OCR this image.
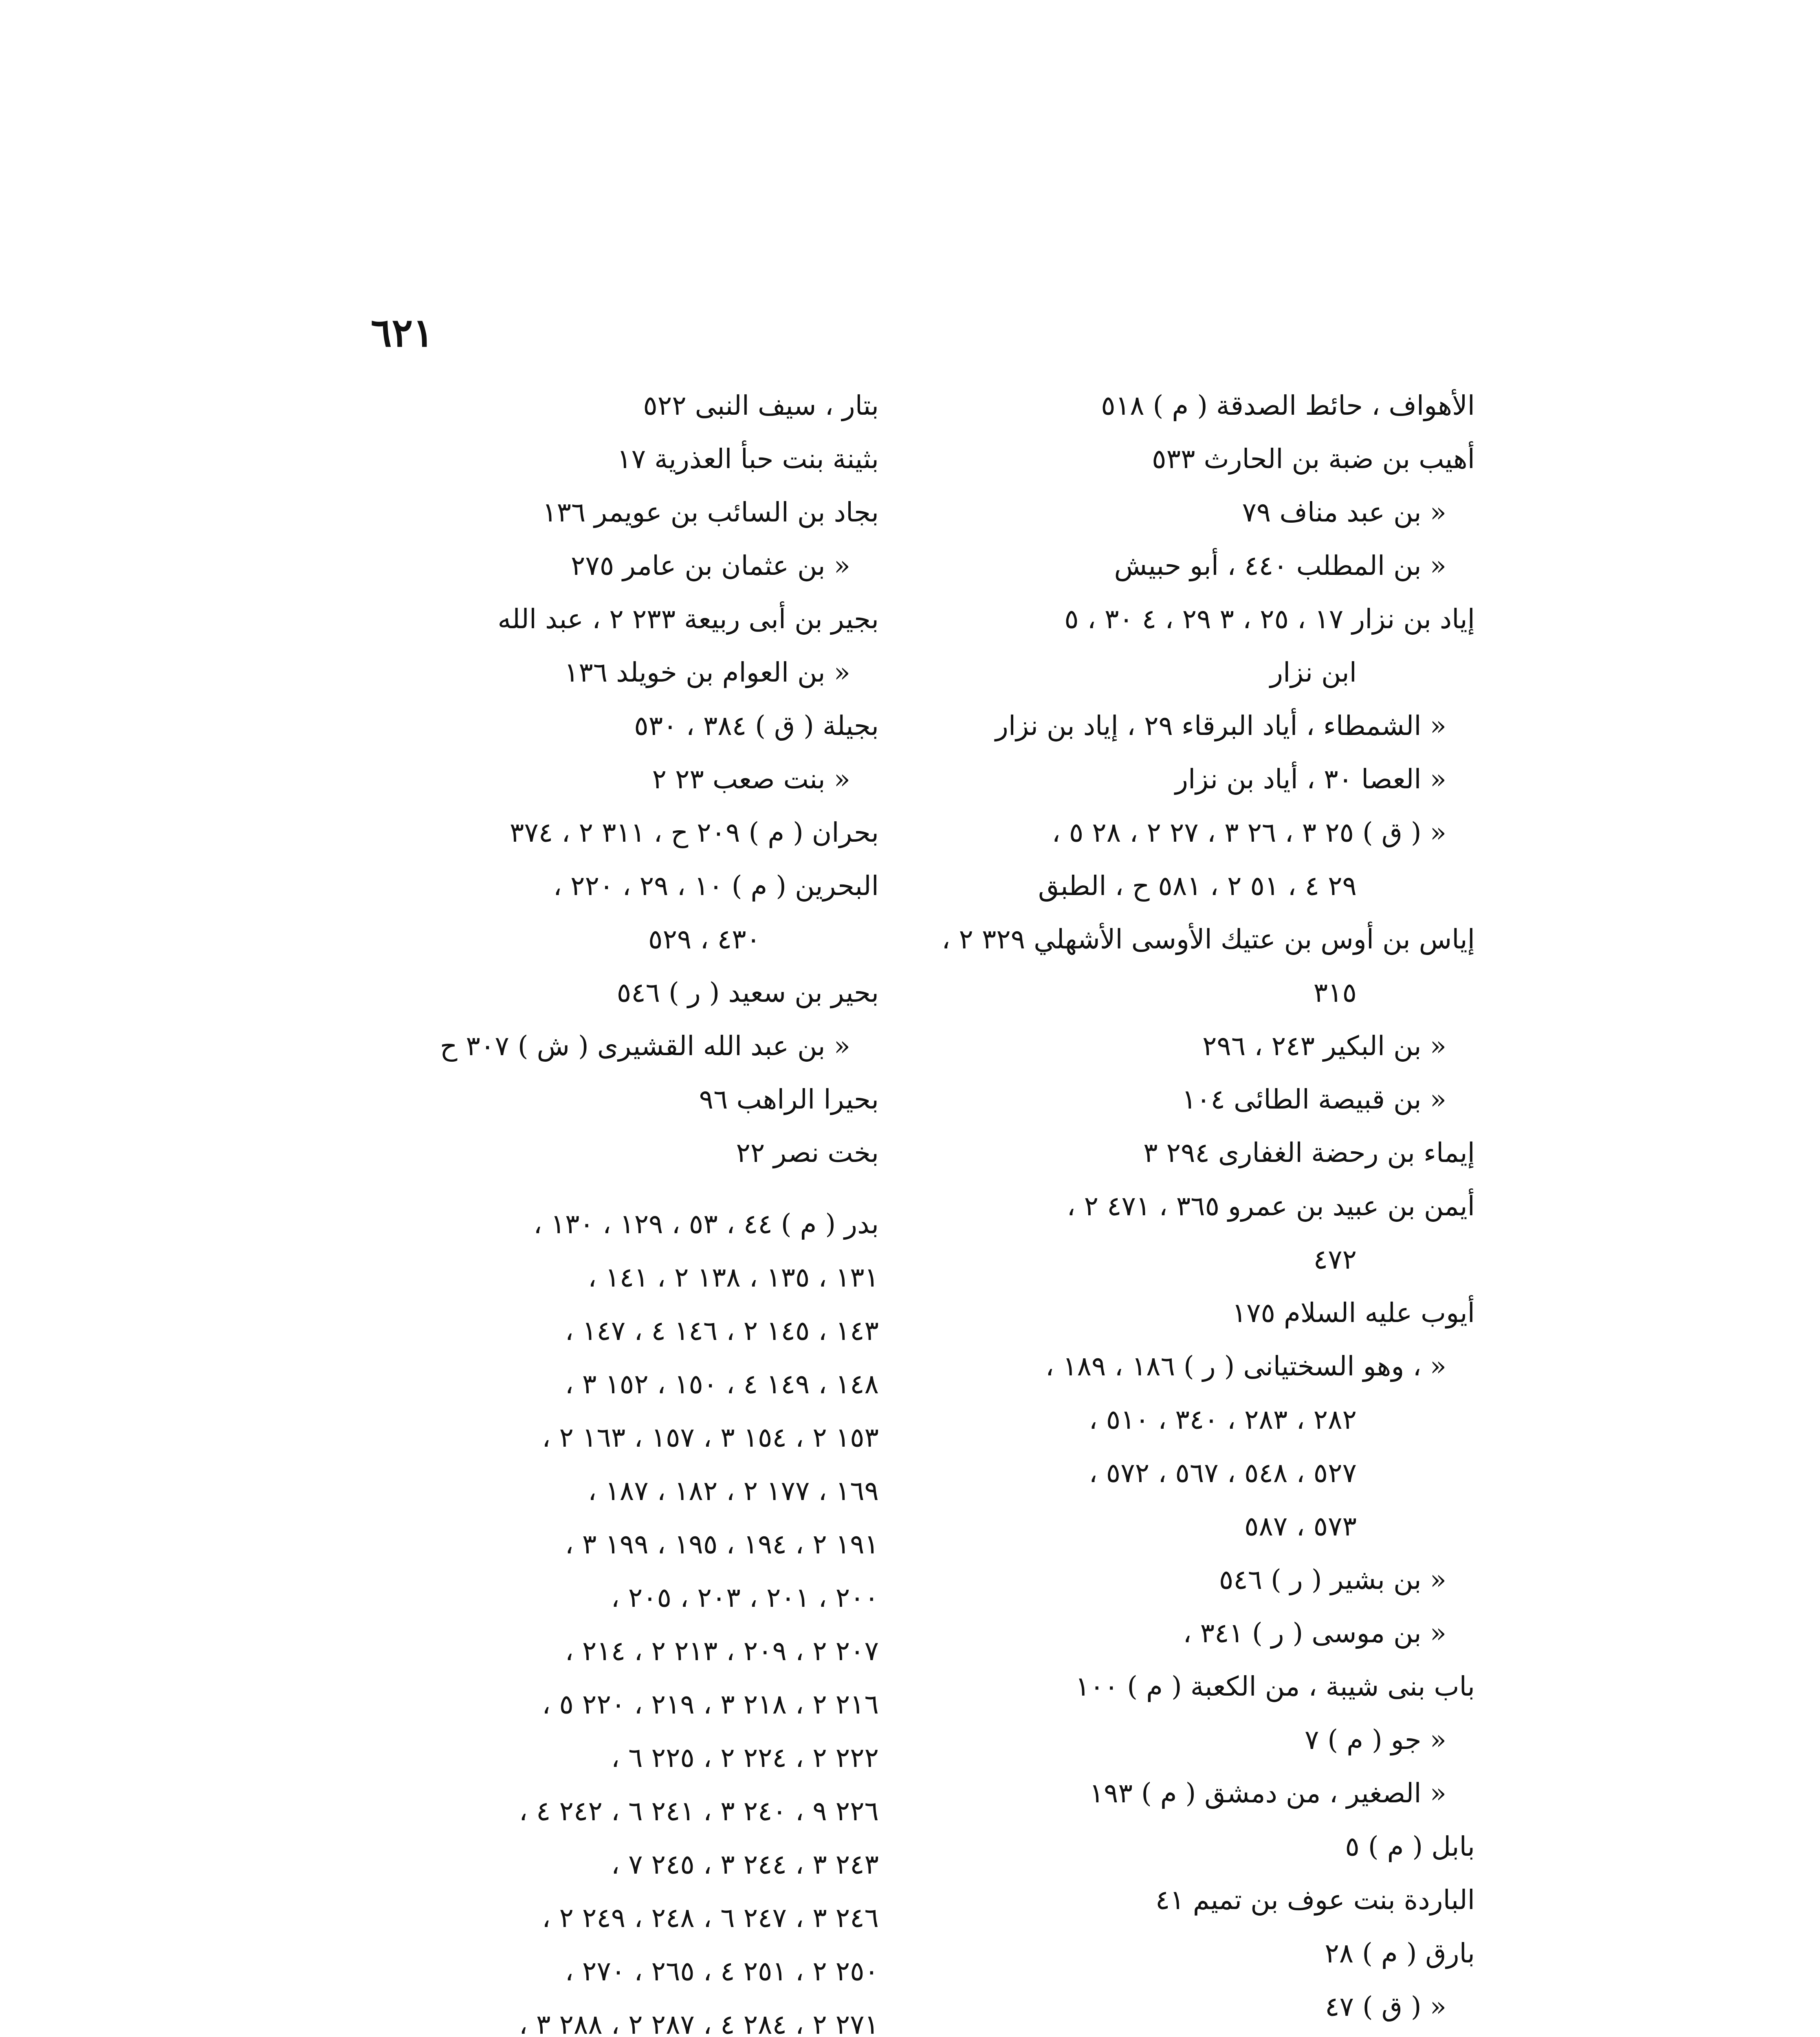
٦٢١
الأهواف ، حائط الصدقة ( م ) ٥١٨
أهيب بن ضبة بن الحارث ٥٣٣
« بن عبد مناف ٧٩
« بن المطلب ٤٤٠ ، أبو حبيش
إياد بن نزار ١٧ ، ٢٥ ، ٣ ٢٩ ، ٤ ٣٠ ، ٥
ابن نزار
« الشمطاء ، أياد البرقاء ٢٩ ، إياد بن نزار
« العصا ٣٠ ، أياد بن نزار
« ( ق ) ٢٥ ٣ ، ٢٦ ٣ ، ٢٧ ٢ ، ٢٨ ٥ ،
٢٩ ٤ ، ٥١ ٢ ، ٥٨١ ح ، الطبق
إياس بن أوس بن عتيك الأوسى الأشهلي ٣٢٩ ٢ ،
٣١٥
« بن البكير ٢٤٣ ، ٢٩٦
« بن قبيصة الطائى ١٠٤
إيماء بن رحضة الغفارى ٢٩٤ ٣
أيمن بن عبيد بن عمرو ٣٦٥ ، ٤٧١ ٢ ،
٤٧٢
أيوب عليه السلام ١٧٥
« ، وهو السختيانى ( ر ) ١٨٦ ، ١٨٩ ،
٢٨٢ ، ٢٨٣ ، ٣٤٠ ، ٥١٠ ،
٥٢٧ ، ٥٤٨ ، ٥٦٧ ، ٥٧٢ ،
٥٧٣ ، ٥٨٧
« بن بشير ( ر ) ٥٤٦
« بن موسى ( ر ) ٣٤١ ،
باب بنى شيبة ، من الكعبة ( م ) ١٠٠
« جو ( م ) ٧
« الصغير ، من دمشق ( م ) ١٩٣
بابل ( م ) ٥
الباردة بنت عوف بن تميم ٤١
بارق ( م ) ٢٨
« ( ق ) ٤٧
بتار ، سيف النبى ٥٢٢
بثينة بنت حبأ العذرية ١٧
بجاد بن السائب بن عويمر ١٣٦
« بن عثمان بن عامر ٢٧٥
بجير بن أبى ربيعة ٢٣٣ ٢ ، عبد الله
« بن العوام بن خويلد ١٣٦
بجيلة ( ق ) ٣٨٤ ، ٥٣٠
« بنت صعب ٢٣ ٢
بحران ( م ) ٢٠٩ ح ، ٣١١ ٢ ، ٣٧٤
البحرين ( م ) ١٠ ، ٢٩ ، ٢٢٠ ،
٤٣٠ ، ٥٢٩
بحير بن سعيد ( ر ) ٥٤٦
« بن عبد الله القشيرى ( ش ) ٣٠٧ ح
بحيرا الراهب ٩٦
بخت نصر ٢٢
بدر ( م ) ٤٤ ، ٥٣ ، ١٢٩ ، ١٣٠ ،
١٣١ ، ١٣٥ ، ١٣٨ ٢ ، ١٤١ ،
١٤٣ ، ١٤٥ ٢ ، ١٤٦ ٤ ، ١٤٧ ،
١٤٨ ، ١٤٩ ٤ ، ١٥٠ ، ١٥٢ ٣ ،
١٥٣ ٢ ، ١٥٤ ٣ ، ١٥٧ ، ١٦٣ ٢ ،
١٦٩ ، ١٧٧ ٢ ، ١٨٢ ، ١٨٧ ،
١٩١ ٢ ، ١٩٤ ، ١٩٥ ، ١٩٩ ٣ ،
٢٠٠ ، ٢٠١ ، ٢٠٣ ، ٢٠٥ ،
٢٠٧ ٢ ، ٢٠٩ ، ٢١٣ ٢ ، ٢١٤ ،
٢١٦ ٢ ، ٢١٨ ٣ ، ٢١٩ ، ٢٢٠ ٥ ،
٢٢٢ ٢ ، ٢٢٤ ٢ ، ٢٢٥ ٦ ،
٢٢٦ ٩ ، ٢٤٠ ٣ ، ٢٤١ ٦ ، ٢٤٢ ٤ ،
٢٤٣ ٣ ، ٢٤٤ ٣ ، ٢٤٥ ٧ ،
٢٤٦ ٣ ، ٢٤٧ ٦ ، ٢٤٨ ، ٢٤٩ ٢ ،
٢٥٠ ٢ ، ٢٥١ ٤ ، ٢٦٥ ، ٢٧٠ ،
٢٧١ ٢ ، ٢٨٤ ٤ ، ٢٨٧ ٢ ، ٢٨٨ ٣ ،
